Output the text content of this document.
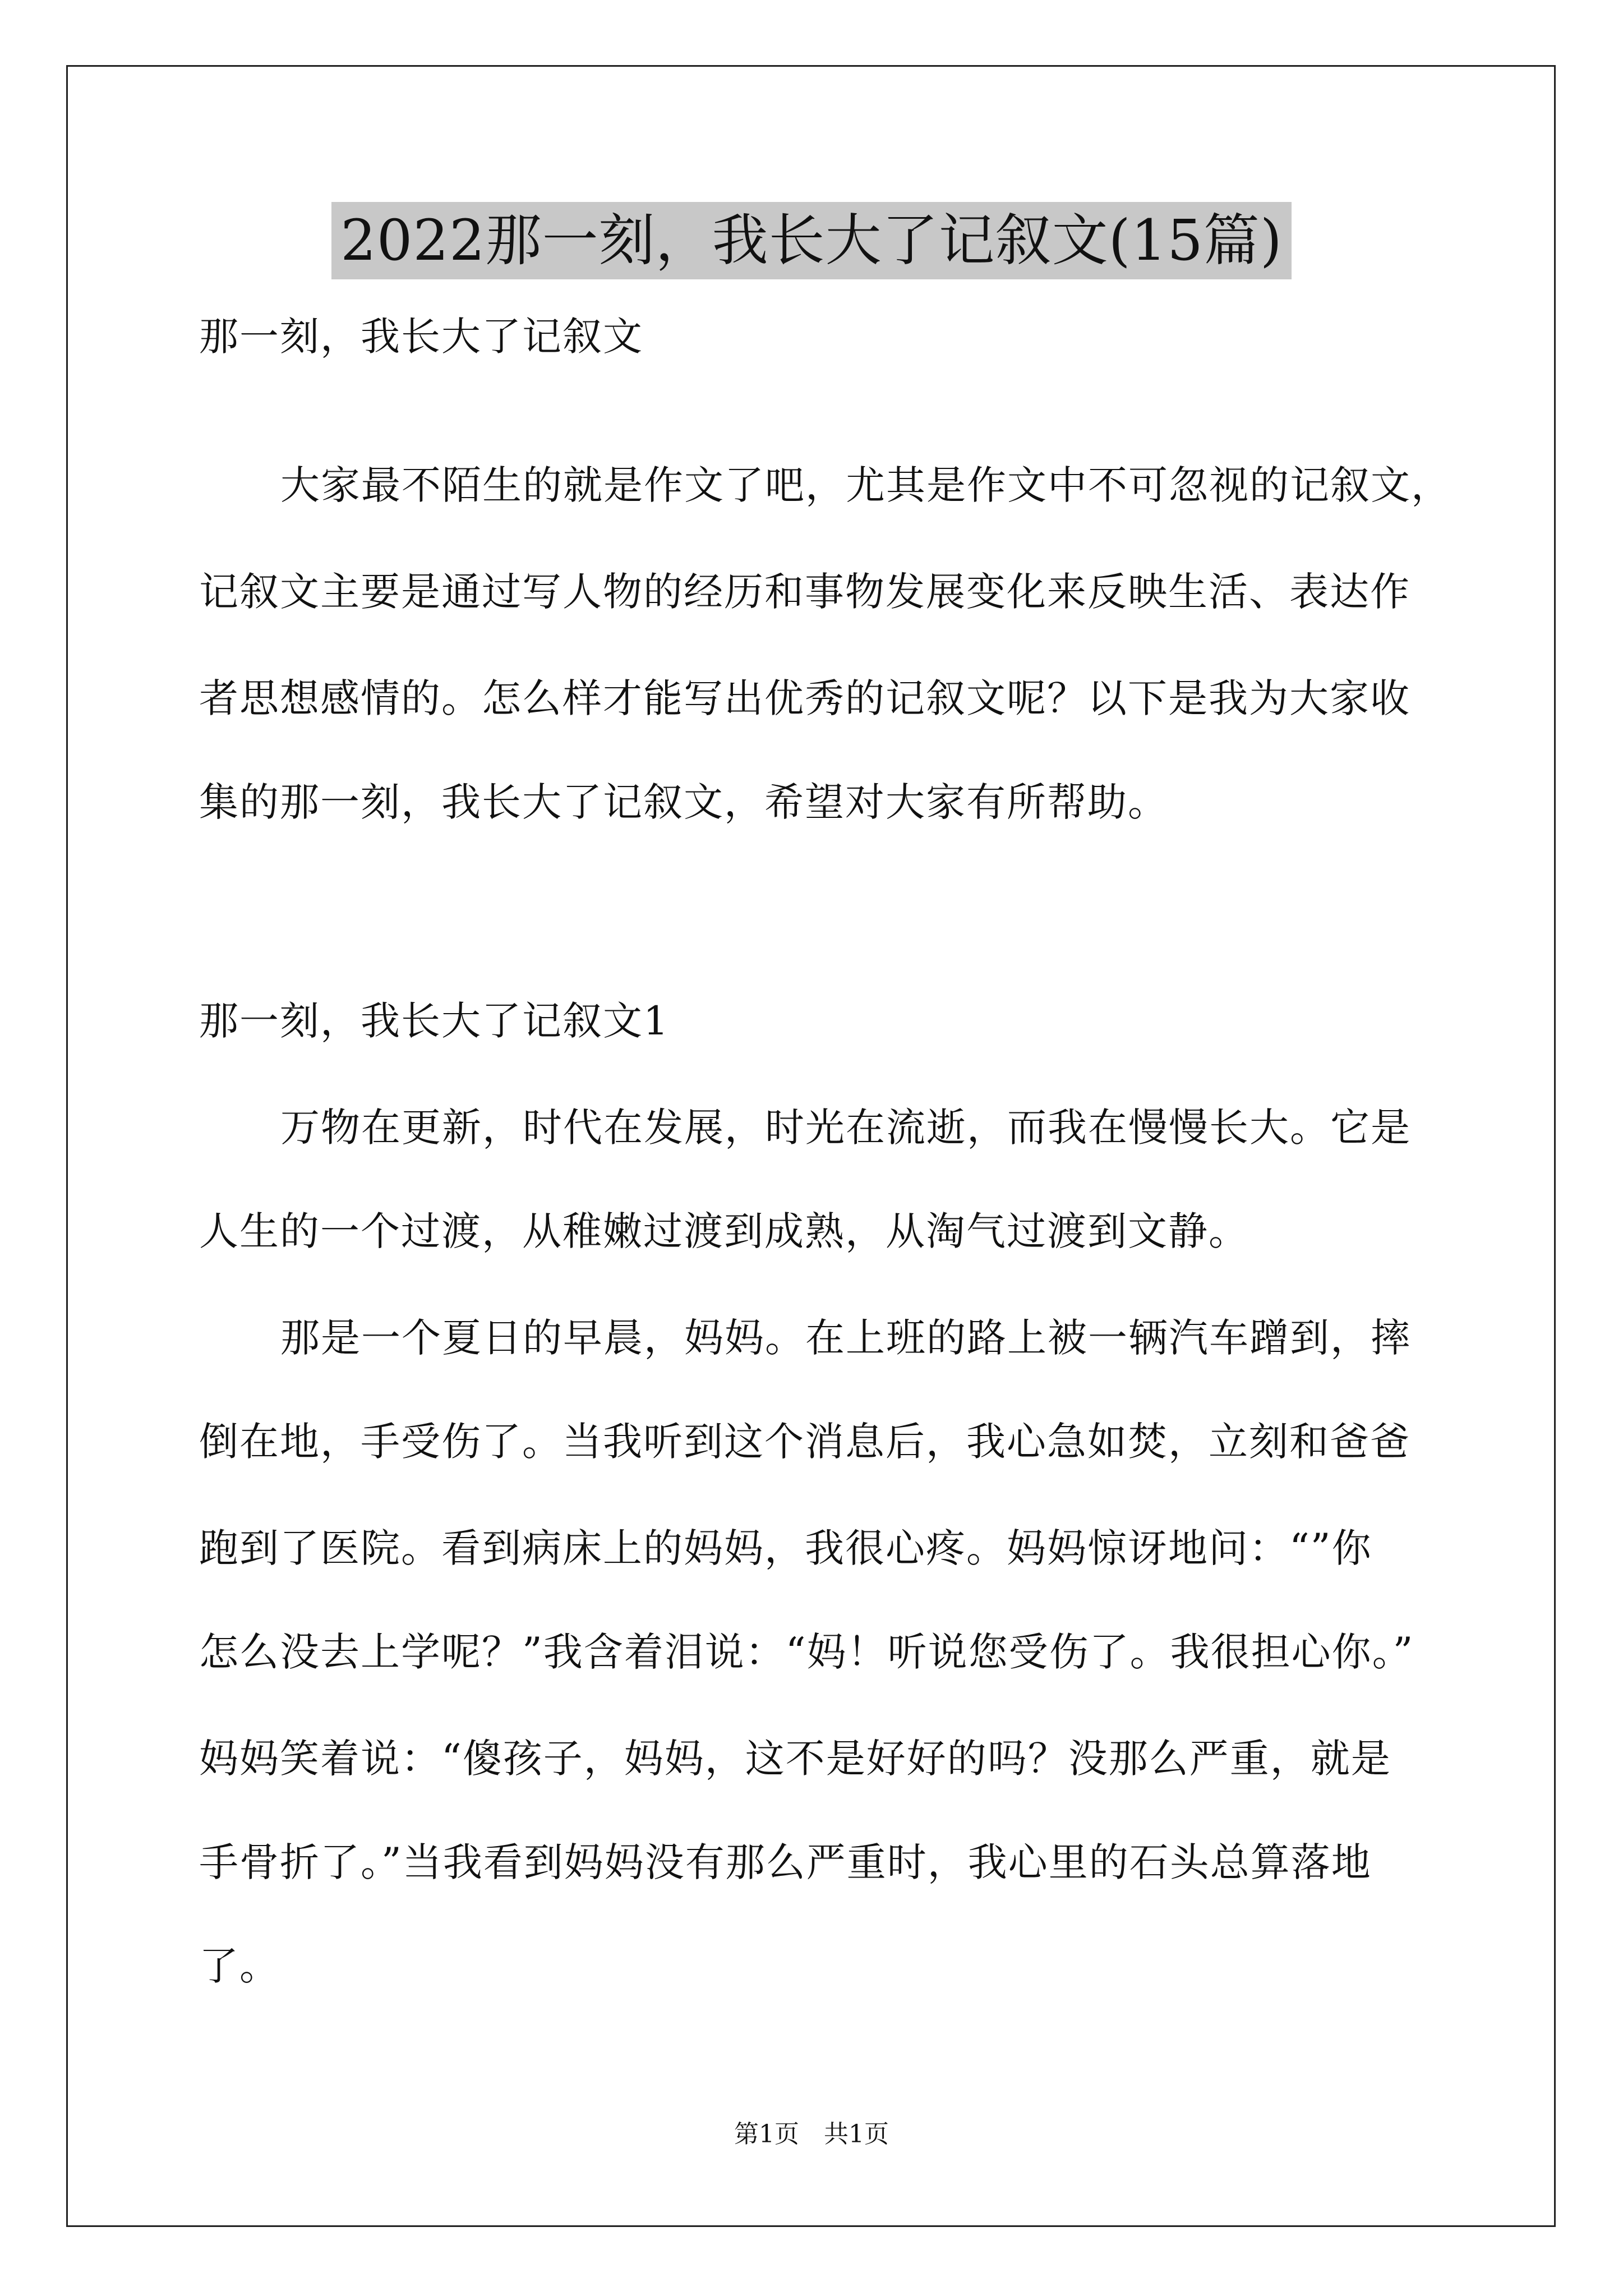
2022那一刻，我长大了记叙文(15篇)
那一刻，我长大了记叙文
大家最不陌生的就是作文了吧，尤其是作文中不可忽视的记叙文，
记叙文主要是通过写人物的经历和事物发展变化来反映生活、表达作
者思想感情的。怎么样才能写出优秀的记叙文呢？以下是我为大家收
集的那一刻，我长大了记叙文，希望对大家有所帮助。
那一刻，我长大了记叙文1
万物在更新，时代在发展，时光在流逝，而我在慢慢长大。它是
人生的一个过渡，从稚嫩过渡到成熟，从淘气过渡到文静。
那是一个夏日的早晨，妈妈。在上班的路上被一辆汽车蹭到，摔
倒在地，手受伤了。当我听到这个消息后，我心急如焚，立刻和爸爸
跑到了医院。看到病床上的妈妈，我很心疼。妈妈惊讶地问：“”你
怎么没去上学呢？”我含着泪说：“妈！听说您受伤了。我很担心你。”
妈妈笑着说：“傻孩子，妈妈，这不是好好的吗？没那么严重，就是
手骨折了。”当我看到妈妈没有那么严重时，我心里的石头总算落地
了。
第1页　共1页
